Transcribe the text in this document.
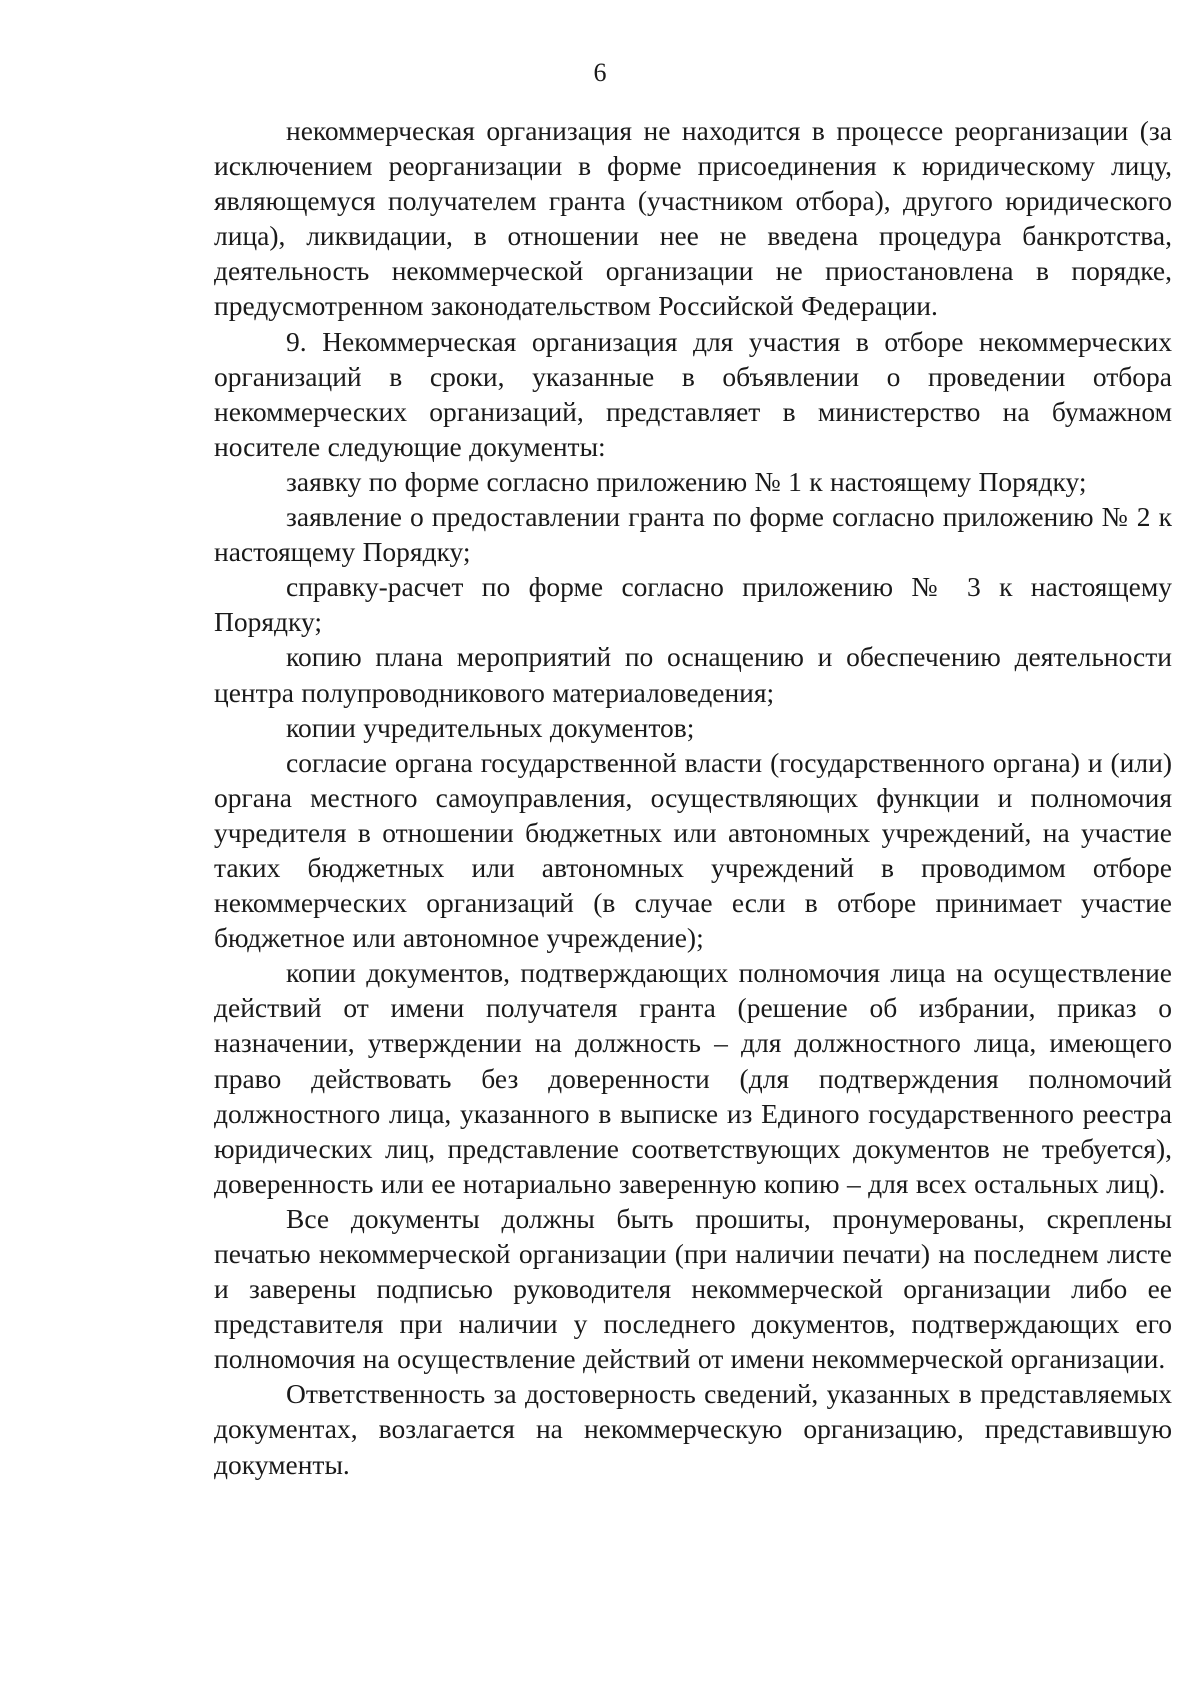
6

некоммерческая организация не находится в процессе реорганизации (за исключением реорганизации в форме присоединения к юридическому лицу, являющемуся получателем гранта (участником отбора), другого юридического лица), ликвидации, в отношении нее не введена процедура банкротства, деятельность некоммерческой организации не приостановлена в порядке, предусмотренном законодательством Российской Федерации.

9. Некоммерческая организация для участия в отборе некоммерческих организаций в сроки, указанные в объявлении о проведении отбора некоммерческих организаций, представляет в министерство на бумажном носителе следующие документы:

заявку по форме согласно приложению № 1 к настоящему Порядку;

заявление о предоставлении гранта по форме согласно приложению № 2 к настоящему Порядку;

справку-расчет по форме согласно приложению № 3 к настоящему Порядку;

копию плана мероприятий по оснащению и обеспечению деятельности центра полупроводникового материаловедения;

копии учредительных документов;

согласие органа государственной власти (государственного органа) и (или) органа местного самоуправления, осуществляющих функции и полномочия учредителя в отношении бюджетных или автономных учреждений, на участие таких бюджетных или автономных учреждений в проводимом отборе некоммерческих организаций (в случае если в отборе принимает участие бюджетное или автономное учреждение);

копии документов, подтверждающих полномочия лица на осуществление действий от имени получателя гранта (решение об избрании, приказ о назначении, утверждении на должность – для должностного лица, имеющего право действовать без доверенности (для подтверждения полномочий должностного лица, указанного в выписке из Единого государственного реестра юридических лиц, представление соответствующих документов не требуется), доверенность или ее нотариально заверенную копию – для всех остальных лиц).

Все документы должны быть прошиты, пронумерованы, скреплены печатью некоммерческой организации (при наличии печати) на последнем листе и заверены подписью руководителя некоммерческой организации либо ее представителя при наличии у последнего документов, подтверждающих его полномочия на осуществление действий от имени некоммерческой организации.

Ответственность за достоверность сведений, указанных в представляемых документах, возлагается на некоммерческую организацию, представившую документы.
